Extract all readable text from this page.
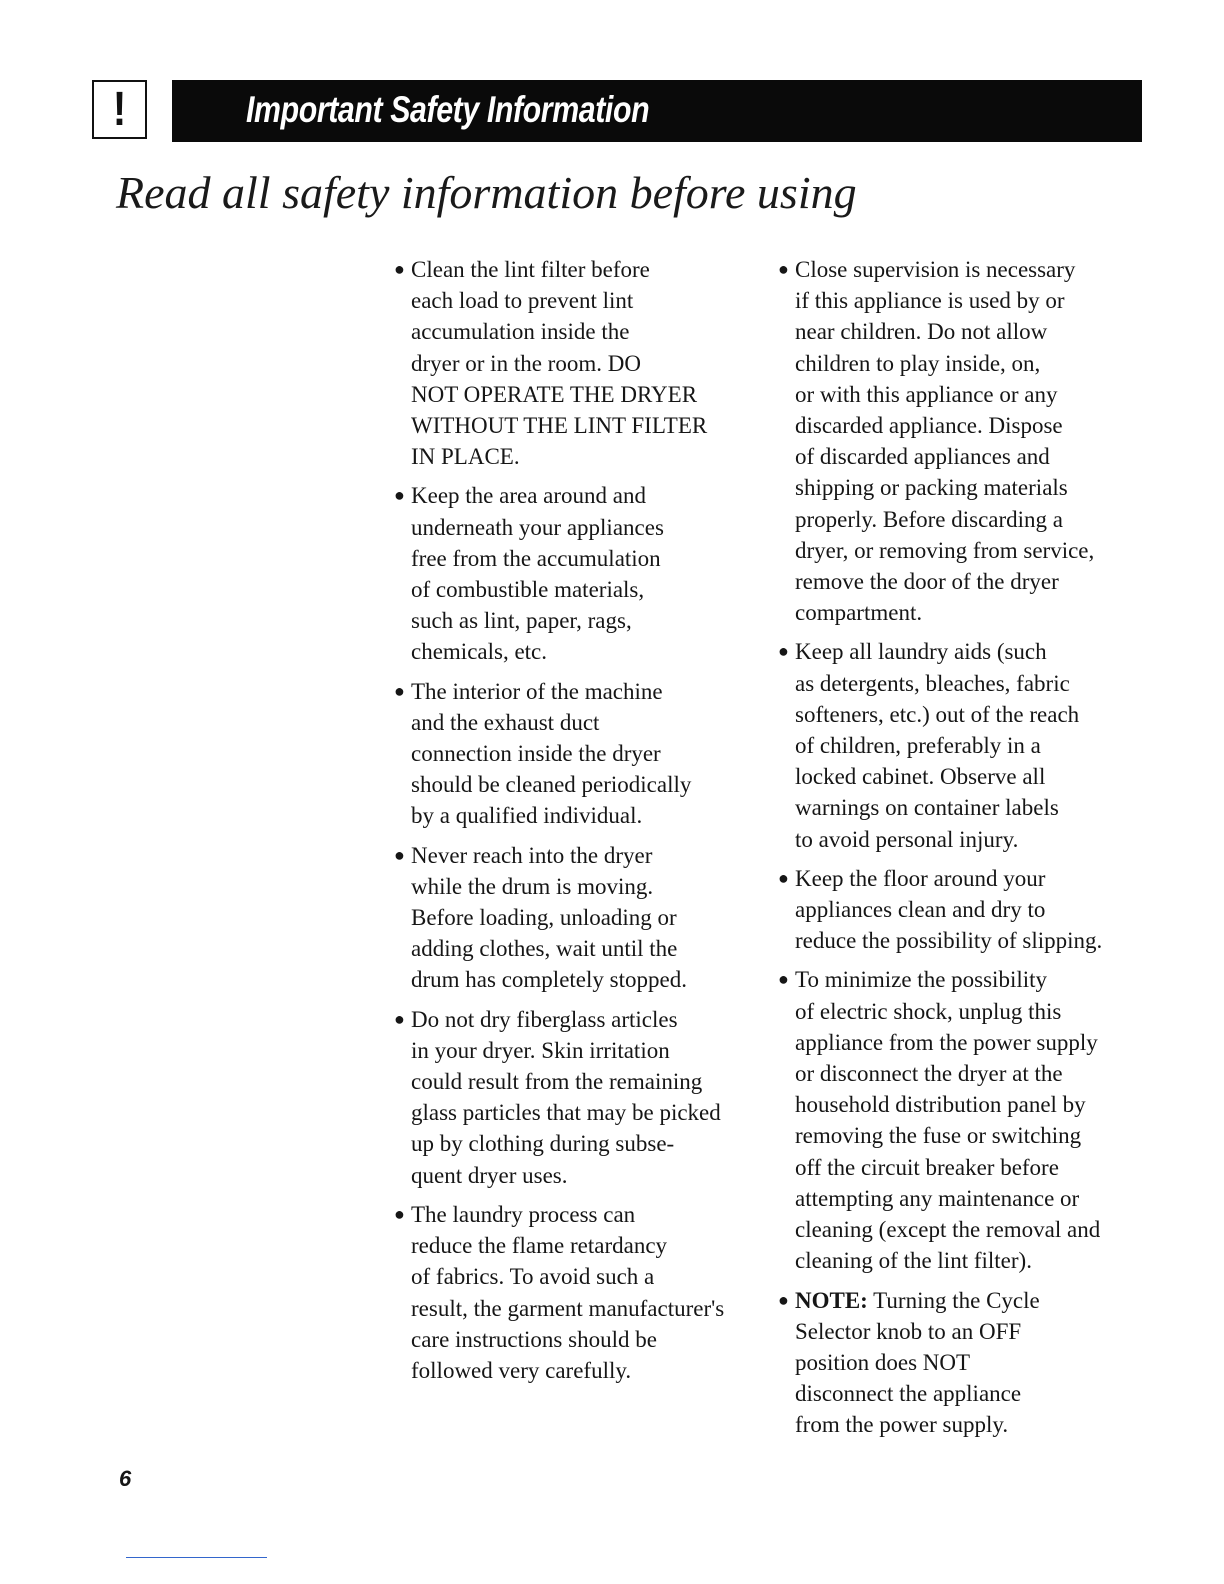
!	Important Safety Information
Read all safety information before using
● Clean the lint filter before
each load to prevent lint
accumulation inside the
dryer or in the room. DO
NOT OPERATE THE DRYER
WITHOUT THE LINT FILTER
IN PLACE.
● Keep the area around and
underneath your appliances
free from the accumulation
of combustible materials,
such as lint, paper, rags,
chemicals, etc.
● The interior of the machine
and the exhaust duct
connection inside the dryer
should be cleaned periodically
by a qualified individual.
● Never reach into the dryer
while the drum is moving.
Before loading, unloading or
adding clothes, wait until the
drum has completely stopped.
● Do not dry fiberglass articles
in your dryer. Skin irritation
could result from the remaining
glass particles that may be picked
up by clothing during subse-
quent dryer uses.
● The laundry process can
reduce the flame retardancy
of fabrics. To avoid such a
result, the garment manufacturer's
care instructions should be
followed very carefully.
● Close supervision is necessary
if this appliance is used by or
near children. Do not allow
children to play inside, on,
or with this appliance or any
discarded appliance. Dispose
of discarded appliances and
shipping or packing materials
properly. Before discarding a
dryer, or removing from service,
remove the door of the dryer
compartment.
● Keep all laundry aids (such
as detergents, bleaches, fabric
softeners, etc.) out of the reach
of children, preferably in a
locked cabinet. Observe all
warnings on container labels
to avoid personal injury.
● Keep the floor around your
appliances clean and dry to
reduce the possibility of slipping.
● To minimize the possibility
of electric shock, unplug this
appliance from the power supply
or disconnect the dryer at the
household distribution panel by
removing the fuse or switching
off the circuit breaker before
attempting any maintenance or
cleaning (except the removal and
cleaning of the lint filter).
● NOTE: Turning the Cycle
Selector knob to an OFF
position does NOT
disconnect the appliance
from the power supply.
6
